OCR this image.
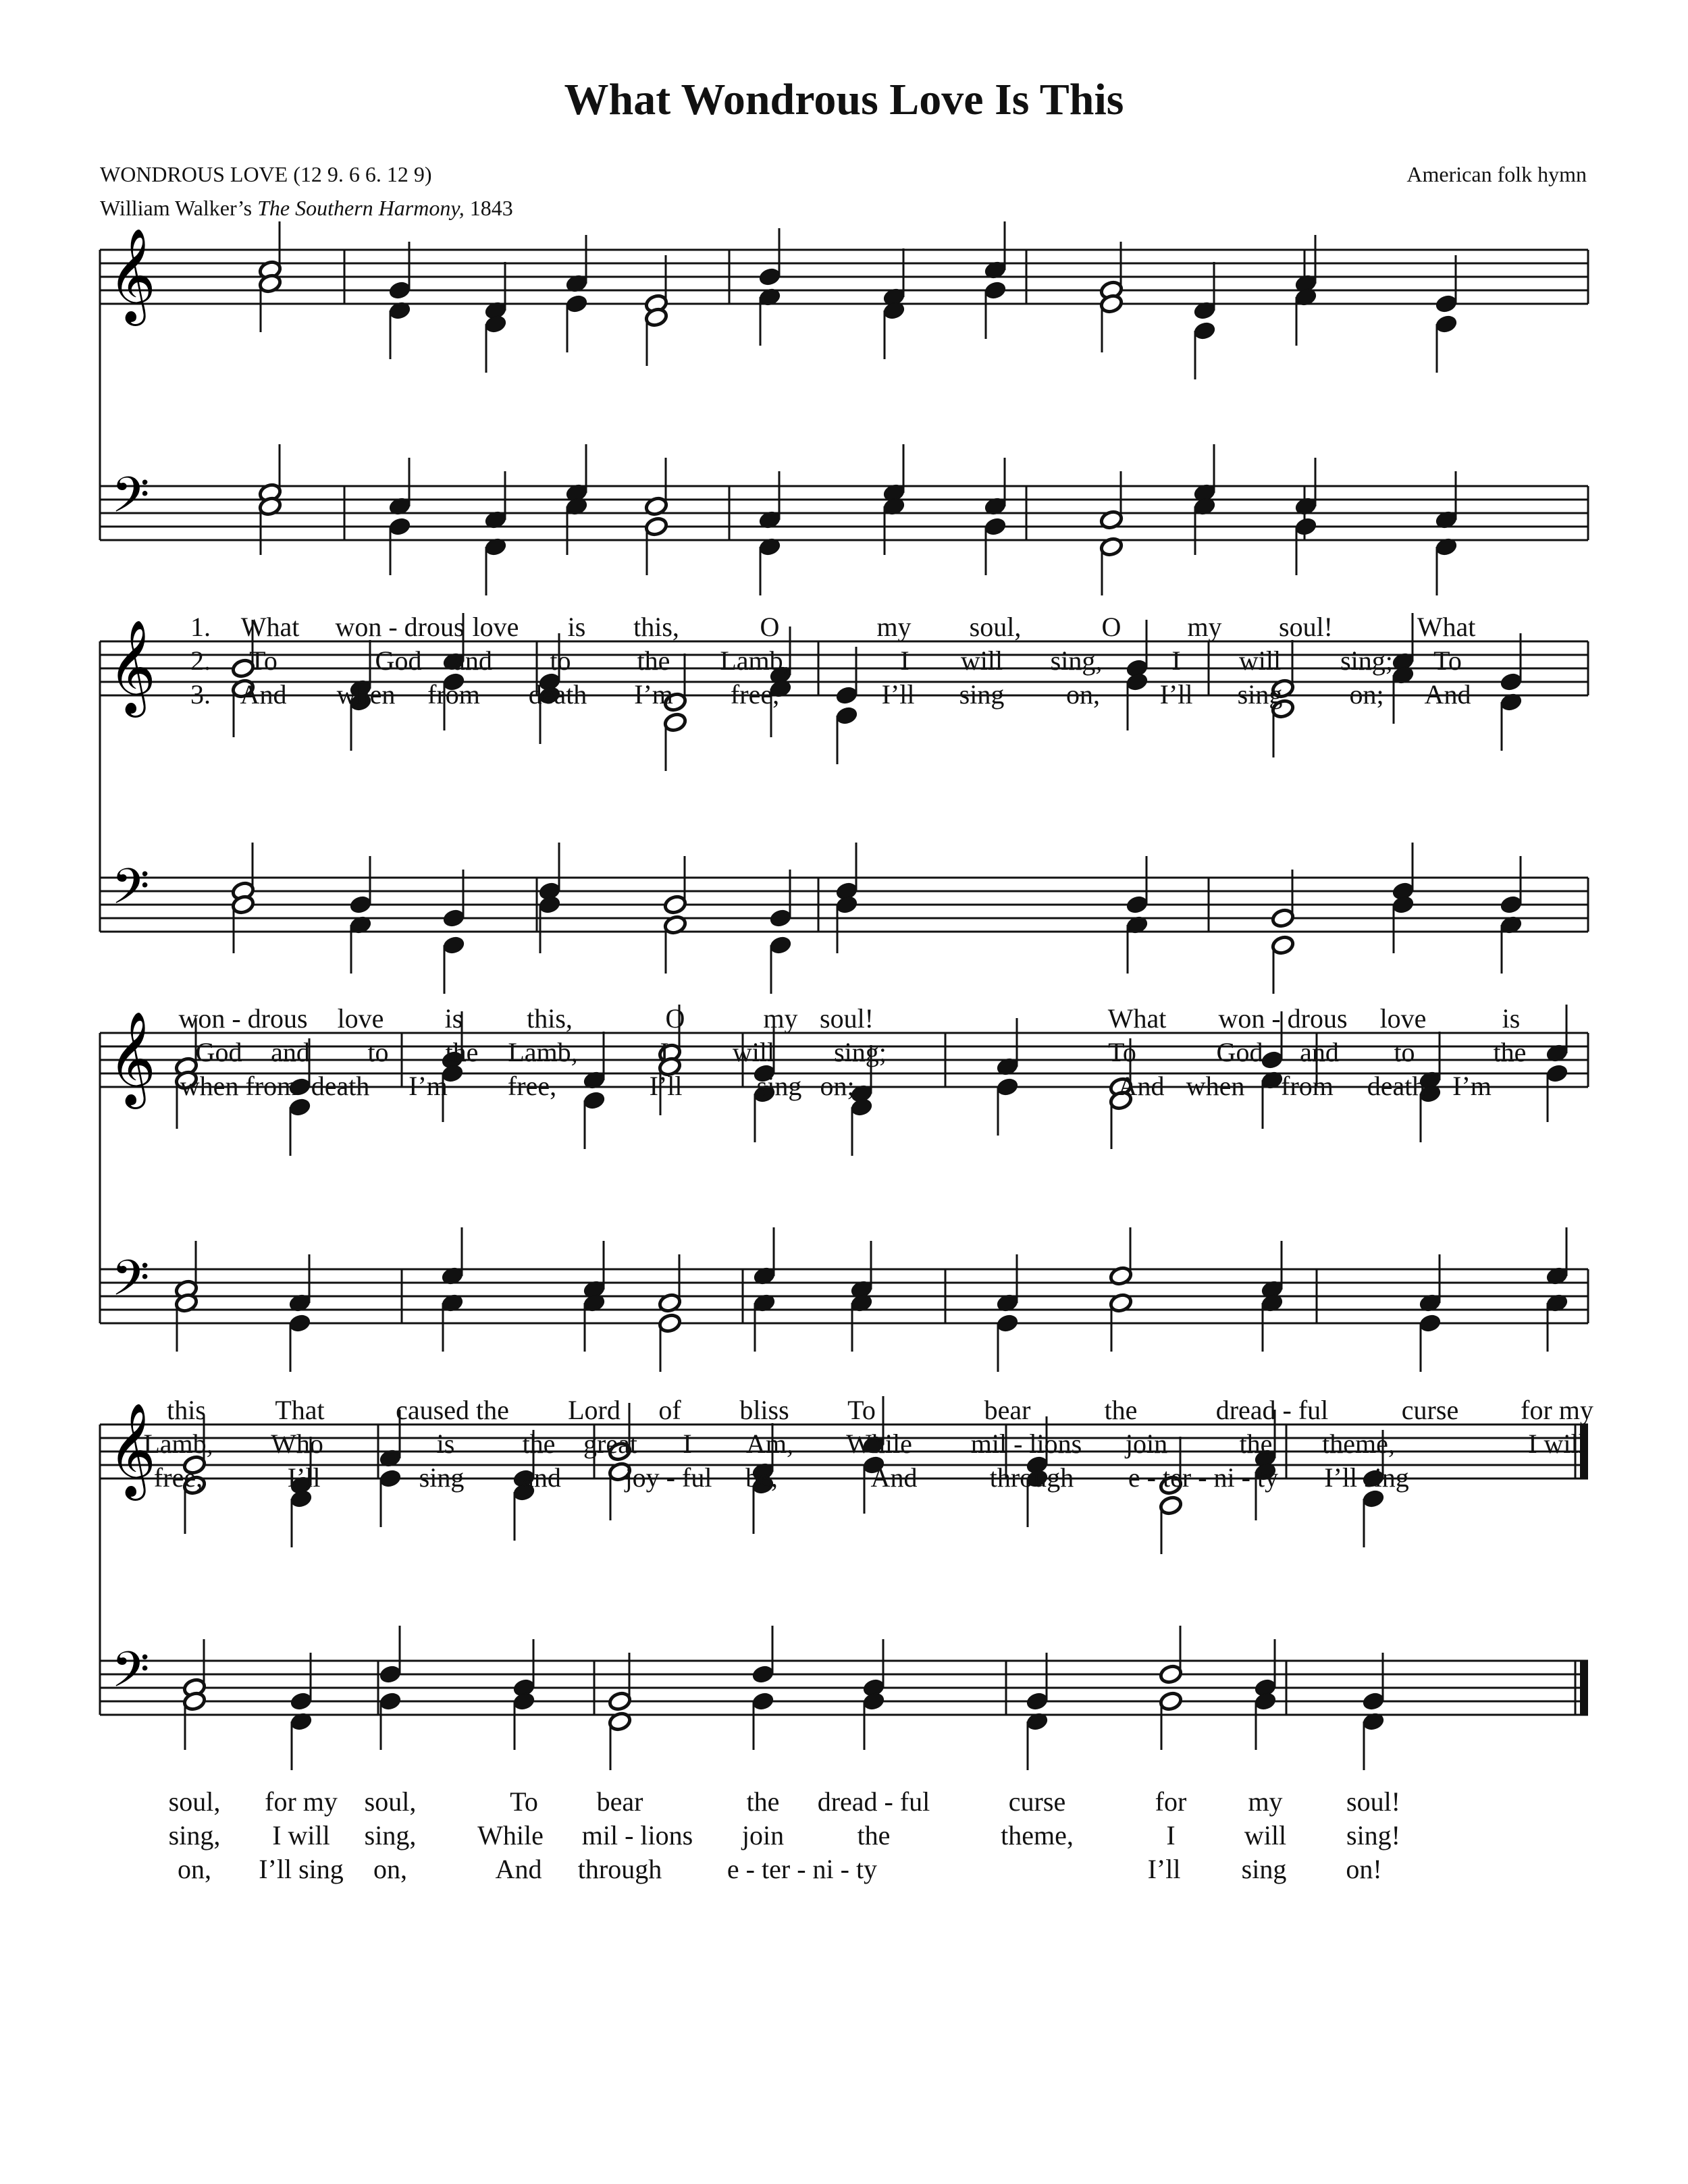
What Wondrous Love Is This
WONDROUS LOVE (12 9. 6 6. 12 9)
William Walker’s The Southern Harmony, 1843
American folk hymn
𝄞
𝄢
𝄞
𝄢
𝄞
𝄢
𝄞
𝄢
What won - drous love is this,	O	my soul,	O my soul!	What
To	God and to the Lamb,	I will sing,	I will sing; To
And when from death I’m free,	I’ll sing on, I’ll sing on; And
1.
2.
3.
won - drous love is this,	O	my soul!	What won - drous love	is
God and to the Lamb,	I will sing;	To	God and to	the
when from death I’m free,	I’ll	sing on;	And when from death I’m
this	That	caused the Lord of bliss To	bear	the	dread - ful	curse for my
Lamb, Who	is	the great I Am, While mil - lions join	the theme,	I will
free,	I’ll	sing and joy - ful be,	And	through e - ter - ni - ty I’ll sing
soul, for my soul,	To bear	the dread - ful	curse	for my soul!
sing, I will sing, While mil - lions join	the	theme,	I	will sing!
on, I’ll sing on,	And through e - ter - ni - ty	I’ll sing on!
